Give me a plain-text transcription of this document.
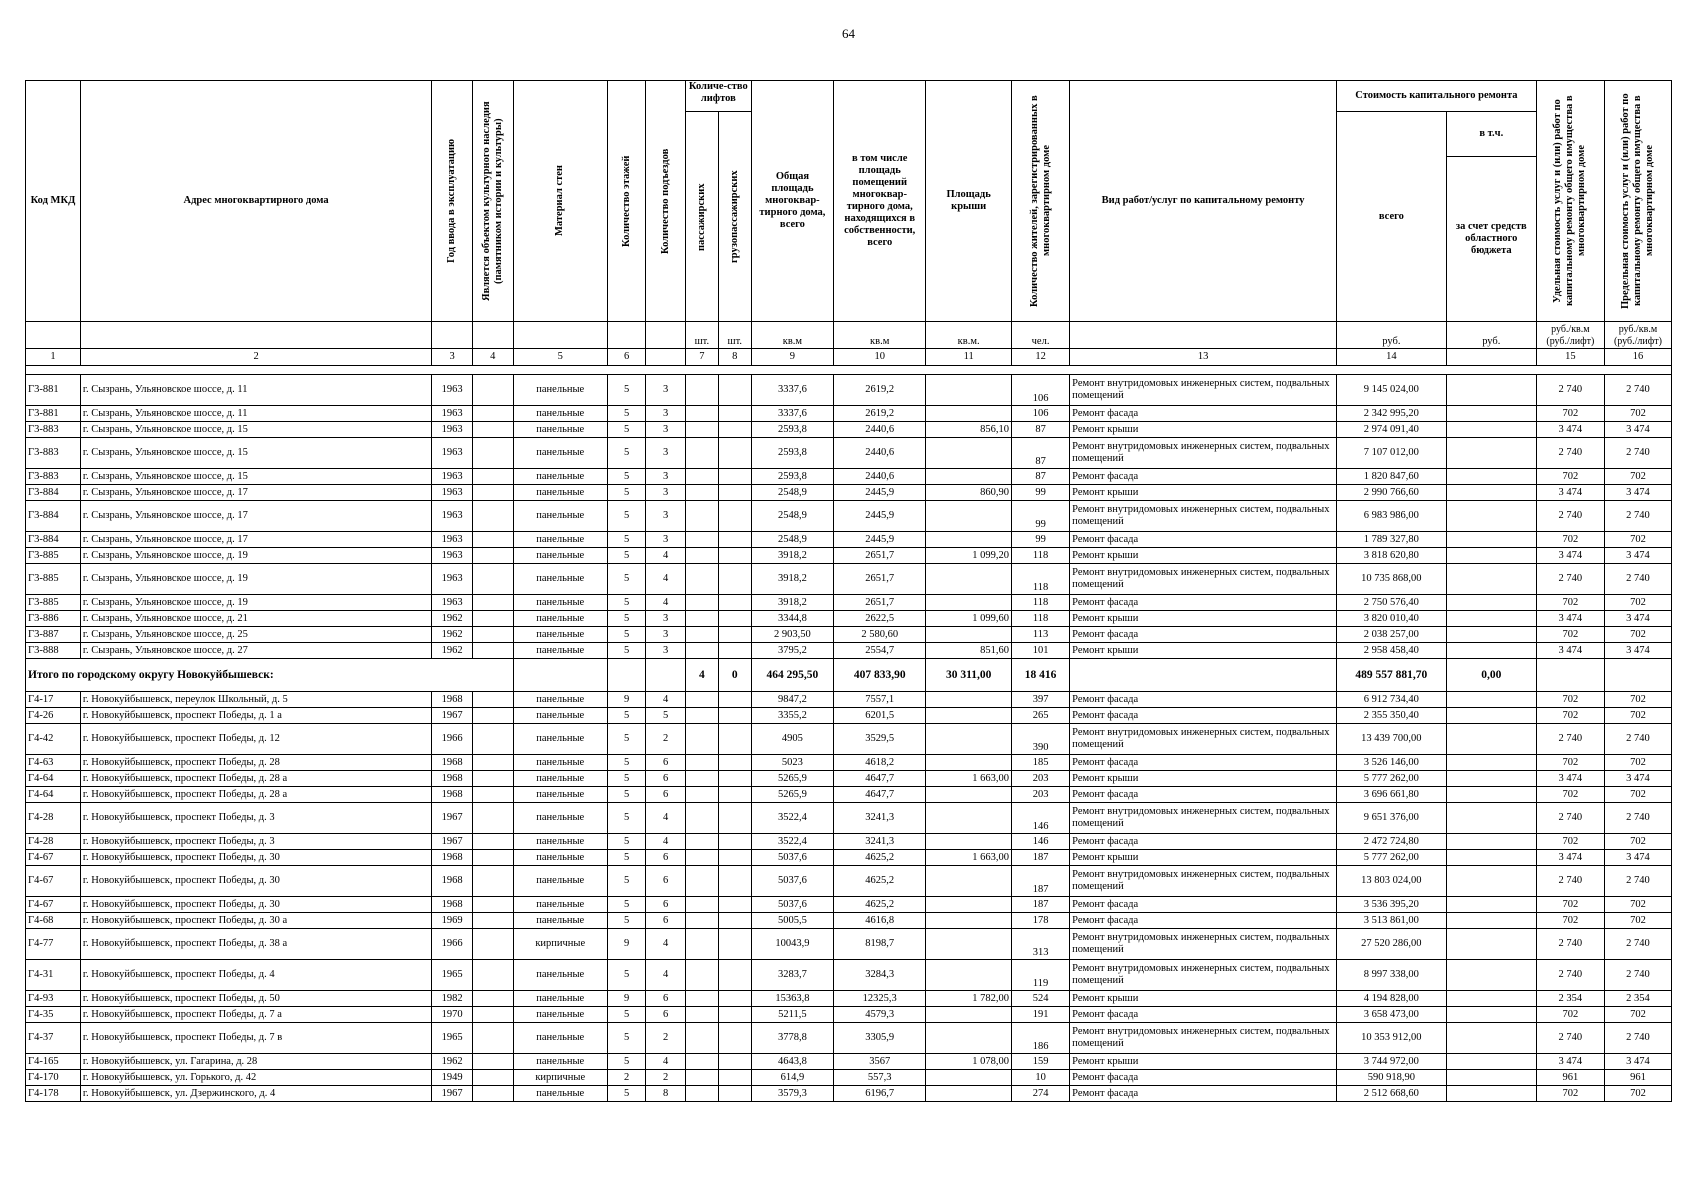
64
Код МКД	Адрес многоквартирного дома	Год ввода в эксплуатацию	Является объектом культурного наследия (памятником истории и культуры)	Материал стен	Количество этажей	Количество подъездов	Количе-ство лифтов		Общая площадь многоквар-тирного дома, всего	в том числе площадь помещений многоквар-тирного дома, находящихся в собственности, всего	Площадь крыши	Количество жителей, зарегистрированных в многоквартирном доме	Вид работ/услуг по капитальному ремонту	Стоимость капитального ремонта		Удельная стоимость услуг и (или) работ по капитальному ремонту общего имущества в многоквартирном доме	Предельная стоимость услуг и (или) работ по капитальному ремонту общего имущества в многоквартирном доме

							пассажирских	грузопассажирских						всего	в т.ч.		
															за счет средств областного бюджета		
							шт.	шт.	кв.м	кв.м	кв.м.	чел.		руб.	руб.	руб./кв.м (руб./лифт)	руб./кв.м (руб./лифт)
1	2	3	4	5	6		7	8	9	10	11	12	13	14		15	16

Г3-881	г. Сызрань, Ульяновское шоссе, д. 11	1963		панельные	5	3			3337,6	2619,2		106	Ремонт внутридомовых инженерных систем, подвальных помещений	9 145 024,00		2 740	2 740
Г3-881	г. Сызрань, Ульяновское шоссе, д. 11	1963		панельные	5	3			3337,6	2619,2		106	Ремонт фасада	2 342 995,20		702	702
Г3-883	г. Сызрань, Ульяновское шоссе, д. 15	1963		панельные	5	3			2593,8	2440,6	856,10	87	Ремонт крыши	2 974 091,40		3 474	3 474
Г3-883	г. Сызрань, Ульяновское шоссе, д. 15	1963		панельные	5	3			2593,8	2440,6		87	Ремонт внутридомовых инженерных систем, подвальных помещений	7 107 012,00		2 740	2 740
Г3-883	г. Сызрань, Ульяновское шоссе, д. 15	1963		панельные	5	3			2593,8	2440,6		87	Ремонт фасада	1 820 847,60		702	702
Г3-884	г. Сызрань, Ульяновское шоссе, д. 17	1963		панельные	5	3			2548,9	2445,9	860,90	99	Ремонт крыши	2 990 766,60		3 474	3 474
Г3-884	г. Сызрань, Ульяновское шоссе, д. 17	1963		панельные	5	3			2548,9	2445,9		99	Ремонт внутридомовых инженерных систем, подвальных помещений	6 983 986,00		2 740	2 740
Г3-884	г. Сызрань, Ульяновское шоссе, д. 17	1963		панельные	5	3			2548,9	2445,9		99	Ремонт фасада	1 789 327,80		702	702
Г3-885	г. Сызрань, Ульяновское шоссе, д. 19	1963		панельные	5	4			3918,2	2651,7	1 099,20	118	Ремонт крыши	3 818 620,80		3 474	3 474
Г3-885	г. Сызрань, Ульяновское шоссе, д. 19	1963		панельные	5	4			3918,2	2651,7		118	Ремонт внутридомовых инженерных систем, подвальных помещений	10 735 868,00		2 740	2 740
Г3-885	г. Сызрань, Ульяновское шоссе, д. 19	1963		панельные	5	4			3918,2	2651,7		118	Ремонт фасада	2 750 576,40		702	702
Г3-886	г. Сызрань, Ульяновское шоссе, д. 21	1962		панельные	5	3			3344,8	2622,5	1 099,60	118	Ремонт крыши	3 820 010,40		3 474	3 474
Г3-887	г. Сызрань, Ульяновское шоссе, д. 25	1962		панельные	5	3			2 903,50	2 580,60		113	Ремонт фасада	2 038 257,00		702	702
Г3-888	г. Сызрань, Ульяновское шоссе, д. 27	1962		панельные	5	3			3795,2	2554,7	851,60	101	Ремонт крыши	2 958 458,40		3 474	3 474
Итого по городскому округу Новокуйбышевск:							4	0	464 295,50	407 833,90	30 311,00	18 416		489 557 881,70	0,00		
Г4-17	г. Новокуйбышевск, переулок Школьный, д. 5	1968		панельные	9	4			9847,2	7557,1		397	Ремонт фасада	6 912 734,40		702	702
Г4-26	г. Новокуйбышевск, проспект Победы, д. 1 а	1967		панельные	5	5			3355,2	6201,5		265	Ремонт фасада	2 355 350,40		702	702
Г4-42	г. Новокуйбышевск, проспект Победы, д. 12	1966		панельные	5	2			4905	3529,5		390	Ремонт внутридомовых инженерных систем, подвальных помещений	13 439 700,00		2 740	2 740
Г4-63	г. Новокуйбышевск, проспект Победы, д. 28	1968		панельные	5	6			5023	4618,2		185	Ремонт фасада	3 526 146,00		702	702
Г4-64	г. Новокуйбышевск, проспект Победы, д. 28 а	1968		панельные	5	6			5265,9	4647,7	1 663,00	203	Ремонт крыши	5 777 262,00		3 474	3 474
Г4-64	г. Новокуйбышевск, проспект Победы, д. 28 а	1968		панельные	5	6			5265,9	4647,7		203	Ремонт фасада	3 696 661,80		702	702
Г4-28	г. Новокуйбышевск, проспект Победы, д. 3	1967		панельные	5	4			3522,4	3241,3		146	Ремонт внутридомовых инженерных систем, подвальных помещений	9 651 376,00		2 740	2 740
Г4-28	г. Новокуйбышевск, проспект Победы, д. 3	1967		панельные	5	4			3522,4	3241,3		146	Ремонт фасада	2 472 724,80		702	702
Г4-67	г. Новокуйбышевск, проспект Победы, д. 30	1968		панельные	5	6			5037,6	4625,2	1 663,00	187	Ремонт крыши	5 777 262,00		3 474	3 474
Г4-67	г. Новокуйбышевск, проспект Победы, д. 30	1968		панельные	5	6			5037,6	4625,2		187	Ремонт внутридомовых инженерных систем, подвальных помещений	13 803 024,00		2 740	2 740
Г4-67	г. Новокуйбышевск, проспект Победы, д. 30	1968		панельные	5	6			5037,6	4625,2		187	Ремонт фасада	3 536 395,20		702	702
Г4-68	г. Новокуйбышевск, проспект Победы, д. 30 а	1969		панельные	5	6			5005,5	4616,8		178	Ремонт фасада	3 513 861,00		702	702
Г4-77	г. Новокуйбышевск, проспект Победы, д. 38 а	1966		кирпичные	9	4			10043,9	8198,7		313	Ремонт внутридомовых инженерных систем, подвальных помещений	27 520 286,00		2 740	2 740
Г4-31	г. Новокуйбышевск, проспект Победы, д. 4	1965		панельные	5	4			3283,7	3284,3		119	Ремонт внутридомовых инженерных систем, подвальных помещений	8 997 338,00		2 740	2 740
Г4-93	г. Новокуйбышевск, проспект Победы, д. 50	1982		панельные	9	6			15363,8	12325,3	1 782,00	524	Ремонт крыши	4 194 828,00		2 354	2 354
Г4-35	г. Новокуйбышевск, проспект Победы, д. 7 а	1970		панельные	5	6			5211,5	4579,3		191	Ремонт фасада	3 658 473,00		702	702
Г4-37	г. Новокуйбышевск, проспект Победы, д. 7 в	1965		панельные	5	2			3778,8	3305,9		186	Ремонт внутридомовых инженерных систем, подвальных помещений	10 353 912,00		2 740	2 740
Г4-165	г. Новокуйбышевск, ул. Гагарина, д. 28	1962		панельные	5	4			4643,8	3567	1 078,00	159	Ремонт крыши	3 744 972,00		3 474	3 474
Г4-170	г. Новокуйбышевск, ул. Горького, д. 42	1949		кирпичные	2	2			614,9	557,3		10	Ремонт фасада	590 918,90		961	961
Г4-178	г. Новокуйбышевск, ул. Дзержинского, д. 4	1967		панельные	5	8			3579,3	6196,7		274	Ремонт фасада	2 512 668,60		702	702
